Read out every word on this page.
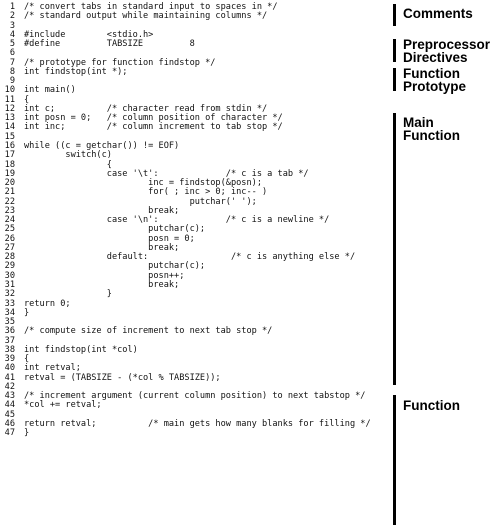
1	/* convert tabs in standard input to spaces in */
2	/* standard output while maintaining columns */
3
4	#include        <stdio.h>
5	#define         TABSIZE         8
6
7	/* prototype for function findstop */
8	int findstop(int *);
9
10	int main()
11	{
12	int c;          /* character read from stdin */
13	int posn = 0;   /* column position of character */
14	int inc;        /* column increment to tab stop */
15
16	while ((c = getchar()) != EOF)
17	switch(c)
18	{
19	case '\t':             /* c is a tab */
20	inc = findstop(&posn);
21	for( ; inc > 0; inc-- )
22	putchar(' ');
23	break;
24	case '\n':             /* c is a newline */
25	putchar(c);
26	posn = 0;
27	break;
28	default:                /* c is anything else */
29	putchar(c);
30	posn++;
31	break;
32	}
33	return 0;
34	}
35
36	/* compute size of increment to next tab stop */
37
38	int findstop(int *col)
39	{
40	int retval;
41	retval = (TABSIZE - (*col % TABSIZE));
42
43	/* increment argument (current column position) to next tabstop */
44	*col += retval;
45
46	return retval;          /* main gets how many blanks for filling */
47	}
Comments
Preprocessor
Directives
Function
Prototype
Main
Function
Function
